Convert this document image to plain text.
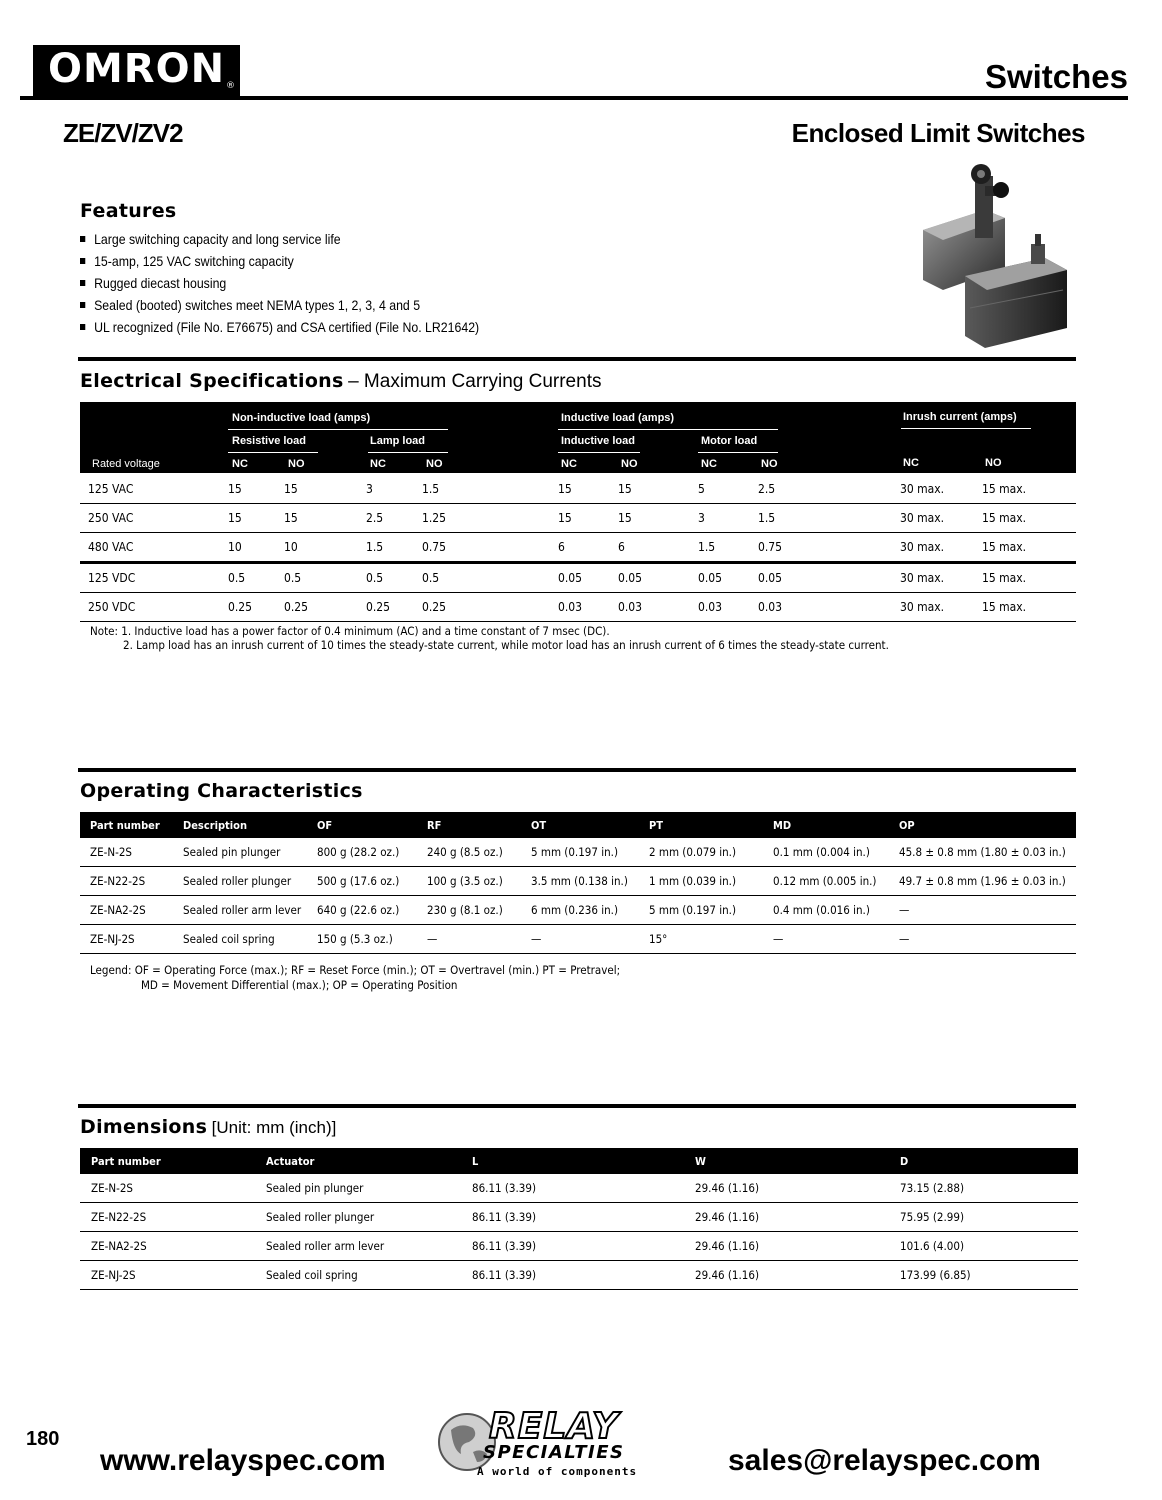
OMRON ®	Switches
ZE/ZV/ZV2	Enclosed Limit Switches
Features
Large switching capacity and long service life
15-amp, 125 VAC switching capacity
Rugged diecast housing
Sealed (booted) switches meet NEMA types 1, 2, 3, 4 and 5
UL recognized (File No. E76675) and CSA certified (File No. LR21642)
Electrical Specifications – Maximum Carrying Currents
Non-inductive load (amps)	Inductive load (amps)	Inrush current (amps)
Resistive load	Lamp load	Inductive load	Motor load
Rated voltage	NC	NO	NC	NO	NC	NO	NC	NO	NC	NO
125 VAC	15	15	3	1.5	15	15	5	2.5	30 max.	15 max.
250 VAC	15	15	2.5	1.25	15	15	3	1.5	30 max.	15 max.
480 VAC	10	10	1.5	0.75	6	6	1.5	0.75	30 max.	15 max.
125 VDC	0.5	0.5	0.5	0.5	0.05	0.05	0.05	0.05	30 max.	15 max.
250 VDC	0.25	0.25	0.25	0.25	0.03	0.03	0.03	0.03	30 max.	15 max.
Note: 1. Inductive load has a power factor of 0.4 minimum (AC) and a time constant of 7 msec (DC).
2. Lamp load has an inrush current of 10 times the steady-state current, while motor load has an inrush current of 6 times the steady-state current.
Operating Characteristics
Part number	Description	OF	RF	OT	PT	MD	OP
ZE-N-2S	Sealed pin plunger	800 g (28.2 oz.)	240 g (8.5 oz.)	5 mm (0.197 in.)	2 mm (0.079 in.)	0.1 mm (0.004 in.)	45.8 ± 0.8 mm (1.80 ± 0.03 in.)
ZE-N22-2S	Sealed roller plunger	500 g (17.6 oz.)	100 g (3.5 oz.)	3.5 mm (0.138 in.)	1 mm (0.039 in.)	0.12 mm (0.005 in.)	49.7 ± 0.8 mm (1.96 ± 0.03 in.)
ZE-NA2-2S	Sealed roller arm lever	640 g (22.6 oz.)	230 g (8.1 oz.)	6 mm (0.236 in.)	5 mm (0.197 in.)	0.4 mm (0.016 in.)	—
ZE-NJ-2S	Sealed coil spring	150 g (5.3 oz.)	—	—	15°	—	—
Legend: OF = Operating Force (max.); RF = Reset Force (min.); OT = Overtravel (min.) PT = Pretravel;
MD = Movement Differential (max.); OP = Operating Position
Dimensions [Unit: mm (inch)]
Part number	Actuator	L	W	D
ZE-N-2S	Sealed pin plunger	86.11 (3.39)	29.46 (1.16)	73.15 (2.88)
ZE-N22-2S	Sealed roller plunger	86.11 (3.39)	29.46 (1.16)	75.95 (2.99)
ZE-NA2-2S	Sealed roller arm lever	86.11 (3.39)	29.46 (1.16)	101.6 (4.00)
ZE-NJ-2S	Sealed coil spring	86.11 (3.39)	29.46 (1.16)	173.99 (6.85)
180
www.relayspec.com	sales@relayspec.com
RELAY
SPECIALTIES
A world of components
